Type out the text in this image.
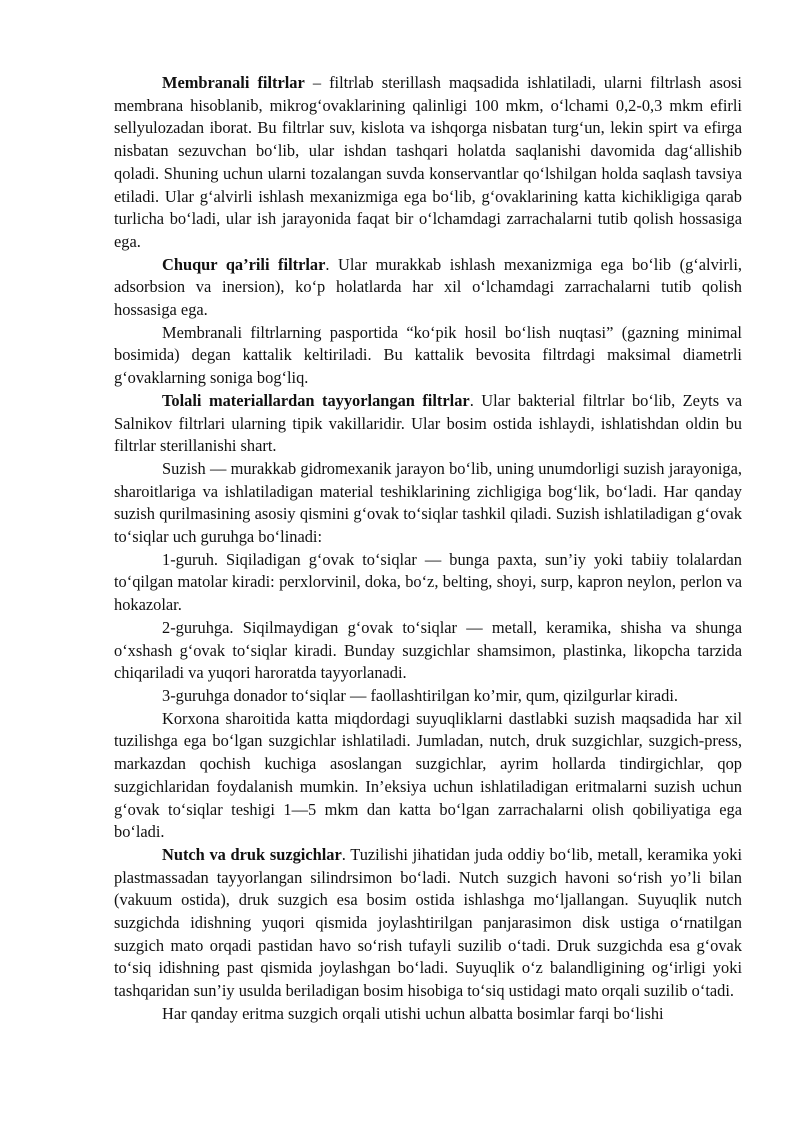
Membranali filtrlar – filtrlab sterillash maqsadida ishlatiladi, ularni filtrlash asosi membrana hisoblanib, mikrog‘ovaklarining qalinligi 100 mkm, o‘lchami 0,2-0,3 mkm efirli sellyulozadan iborat. Bu filtrlar suv, kislota va ishqorga nisbatan turg‘un, lekin spirt va efirga nisbatan sezuvchan bo‘lib, ular ishdan tashqari holatda saqlanishi davomida dag‘allishib qoladi. Shuning uchun ularni tozalangan suvda konservantlar qo‘lshilgan holda saqlash tavsiya etiladi. Ular g‘alvirli ishlash mexanizmiga ega bo‘lib, g‘ovaklarining katta kichikligiga qarab turlicha bo‘ladi, ular ish jarayonida faqat bir o‘lchamdagi zarrachalarni tutib qolish hossasiga ega.

Chuqur qa’rili filtrlar. Ular murakkab ishlash mexanizmiga ega bo‘lib (g‘alvirli, adsorbsion va inersion), ko‘p holatlarda har xil o‘lchamdagi zarrachalarni tutib qolish hossasiga ega.

Membranali filtrlarning pasportida “ko‘pik hosil bo‘lish nuqtasi” (gazning minimal bosimida) degan kattalik keltiriladi. Bu kattalik bevosita filtrdagi maksimal diametrli g‘ovaklarning soniga bog‘liq.

Tolali materiallardan tayyorlangan filtrlar. Ular bakterial filtrlar bo‘lib, Zeyts va Salnikov filtrlari ularning tipik vakillaridir. Ular bosim ostida ishlaydi, ishlatishdan oldin bu filtrlar sterillanishi shart.

Suzish — murakkab gidromexanik jarayon bo‘lib, uning unumdorligi suzish jarayoniga, sharoitlariga va ishlatiladigan material teshiklarining zichligiga bog‘lik, bo‘ladi. Har qanday suzish qurilmasining asosiy qismini g‘ovak to‘siqlar tashkil qiladi. Suzish ishlatiladigan g‘ovak to‘siqlar uch guruhga bo‘linadi:

1-guruh. Siqiladigan g‘ovak to‘siqlar — bunga paxta, sun’iy yoki tabiiy tolalardan to‘qilgan matolar kiradi: perxlorvinil, doka, bo‘z, belting, shoyi, surp, kapron neylon, perlon va hokazolar.

2-guruhga. Siqilmaydigan g‘ovak to‘siqlar — metall, keramika, shisha va shunga o‘xshash g‘ovak to‘siqlar kiradi. Bunday suzgichlar shamsimon, plastinka, likopcha tarzida chiqariladi va yuqori haroratda tayyorlanadi.

3-guruhga donador to‘siqlar — faollashtirilgan ko’mir, qum, qizilgurlar kiradi.

Korxona sharoitida katta miqdordagi suyuqliklarni dastlabki suzish maqsadida har xil tuzilishga ega bo‘lgan suzgichlar ishlatiladi. Jumladan, nutch, druk suzgichlar, suzgich-press, markazdan qochish kuchiga asoslangan suzgichlar, ayrim hollarda tindirgichlar, qop suzgichlaridan foydalanish mumkin. In’eksiya uchun ishlatiladigan eritmalarni suzish uchun g‘ovak to‘siqlar teshigi 1—5 mkm dan katta bo‘lgan zarrachalarni olish qobiliyatiga ega bo‘ladi.

Nutch va druk suzgichlar. Tuzilishi jihatidan juda oddiy bo‘lib, metall, keramika yoki plastmassadan tayyorlangan silindrsimon bo‘ladi. Nutch suzgich havoni so‘rish yo’li bilan (vakuum ostida), druk suzgich esa bosim ostida ishlashga mo‘ljallangan. Suyuqlik nutch suzgichda idishning yuqori qismida joylashtirilgan panjarasimon disk ustiga o‘rnatilgan suzgich mato orqadi pastidan havo so‘rish tufayli suzilib o‘tadi. Druk suzgichda esa g‘ovak to‘siq idishning past qismida joylashgan bo‘ladi. Suyuqlik o‘z balandligining og‘irligi yoki tashqaridan sun’iy usulda beriladigan bosim hisobiga to‘siq ustidagi mato orqali suzilib o‘tadi.

Har qanday eritma suzgich orqali utishi uchun albatta bosimlar farqi bo‘lishi
